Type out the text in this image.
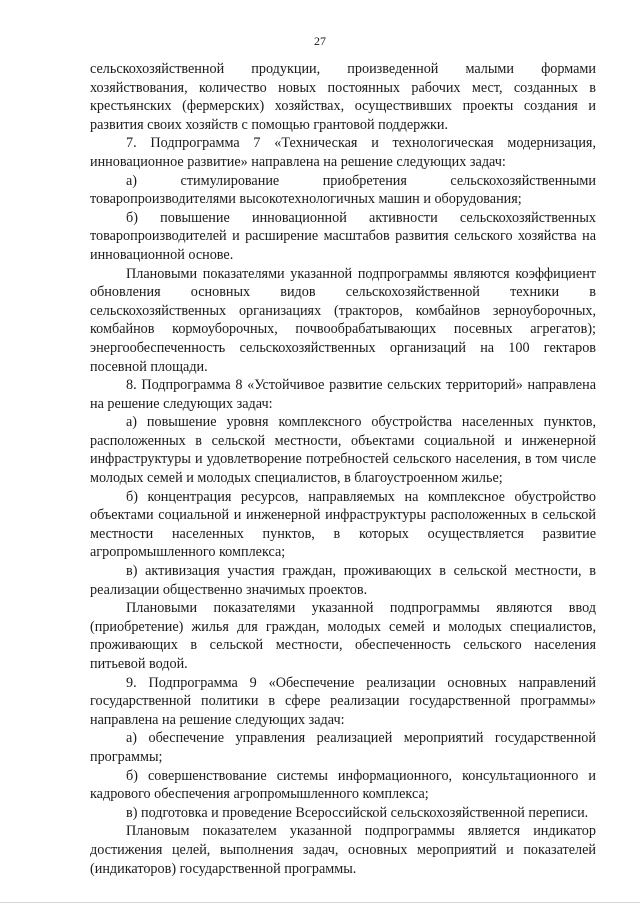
27

сельскохозяйственной продукции, произведенной малыми формами хозяйствования, количество новых постоянных рабочих мест, созданных в крестьянских (фермерских) хозяйствах, осуществивших проекты создания и развития своих хозяйств с помощью грантовой поддержки.

7. Подпрограмма 7 «Техническая и технологическая модернизация, инновационное развитие» направлена на решение следующих задач:

а) стимулирование приобретения сельскохозяйственными товаропроизводителями высокотехнологичных машин и оборудования;

б) повышение инновационной активности сельскохозяйственных товаропроизводителей и расширение масштабов развития сельского хозяйства на инновационной основе.

Плановыми показателями указанной подпрограммы являются коэффициент обновления основных видов сельскохозяйственной техники в сельскохозяйственных организациях (тракторов, комбайнов зерноуборочных, комбайнов кормоуборочных, почвообрабатывающих посевных агрегатов); энергообеспеченность сельскохозяйственных организаций на 100 гектаров посевной площади.

8. Подпрограмма 8 «Устойчивое развитие сельских территорий» направлена на решение следующих задач:

а) повышение уровня комплексного обустройства населенных пунктов, расположенных в сельской местности, объектами социальной и инженерной инфраструктуры и удовлетворение потребностей сельского населения, в том числе молодых семей и молодых специалистов, в благоустроенном жилье;

б) концентрация ресурсов, направляемых на комплексное обустройство объектами социальной и инженерной инфраструктуры расположенных в сельской местности населенных пунктов, в которых осуществляется развитие агропромышленного комплекса;

в) активизация участия граждан, проживающих в сельской местности, в реализации общественно значимых проектов.

Плановыми показателями указанной подпрограммы являются ввод (приобретение) жилья для граждан, молодых семей и молодых специалистов, проживающих в сельской местности, обеспеченность сельского населения питьевой водой.

9. Подпрограмма 9 «Обеспечение реализации основных направлений государственной политики в сфере реализации государственной программы» направлена на решение следующих задач:

а) обеспечение управления реализацией мероприятий государственной программы;

б) совершенствование системы информационного, консультационного и кадрового обеспечения агропромышленного комплекса;

в) подготовка и проведение Всероссийской сельскохозяйственной переписи.

Плановым показателем указанной подпрограммы является индикатор достижения целей, выполнения задач, основных мероприятий и показателей (индикаторов) государственной программы.
